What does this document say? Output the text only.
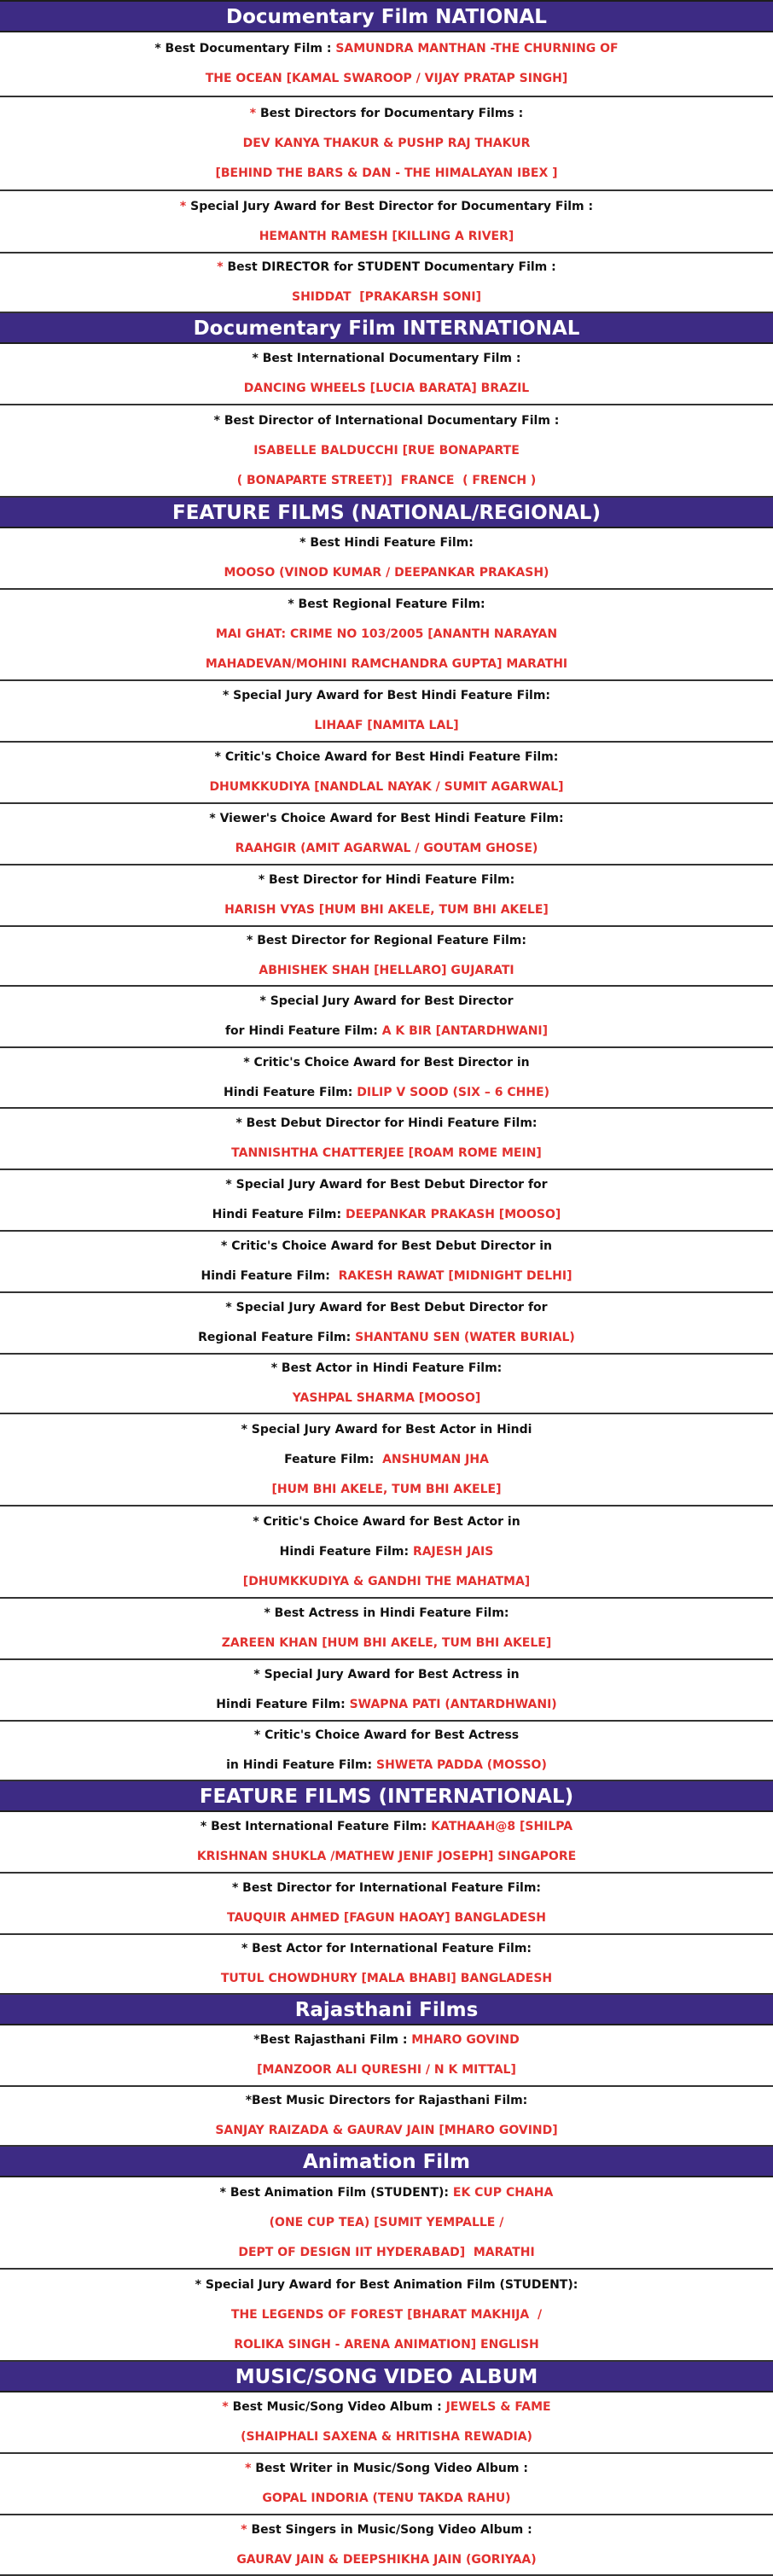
Documentary Film NATIONAL
* Best Documentary Film : SAMUNDRA MANTHAN -THE CHURNING OF
THE OCEAN [KAMAL SWAROOP / VIJAY PRATAP SINGH]
* Best Directors for Documentary Films :
DEV KANYA THAKUR & PUSHP RAJ THAKUR
[BEHIND THE BARS & DAN - THE HIMALAYAN IBEX ]
* Special Jury Award for Best Director for Documentary Film :
HEMANTH RAMESH [KILLING A RIVER]
* Best DIRECTOR for STUDENT Documentary Film :
SHIDDAT  [PRAKARSH SONI]
Documentary Film INTERNATIONAL
* Best International Documentary Film :
DANCING WHEELS [LUCIA BARATA] BRAZIL
* Best Director of International Documentary Film :
ISABELLE BALDUCCHI [RUE BONAPARTE
( BONAPARTE STREET)]  FRANCE  ( FRENCH )
FEATURE FILMS (NATIONAL/REGIONAL)
* Best Hindi Feature Film:
MOOSO (VINOD KUMAR / DEEPANKAR PRAKASH)
* Best Regional Feature Film:
MAI GHAT: CRIME NO 103/2005 [ANANTH NARAYAN
MAHADEVAN/MOHINI RAMCHANDRA GUPTA] MARATHI
* Special Jury Award for Best Hindi Feature Film:
LIHAAF [NAMITA LAL]
* Critic's Choice Award for Best Hindi Feature Film:
DHUMKKUDIYA [NANDLAL NAYAK / SUMIT AGARWAL]
* Viewer's Choice Award for Best Hindi Feature Film:
RAAHGIR (AMIT AGARWAL / GOUTAM GHOSE)
* Best Director for Hindi Feature Film:
HARISH VYAS [HUM BHI AKELE, TUM BHI AKELE]
* Best Director for Regional Feature Film:
ABHISHEK SHAH [HELLARO] GUJARATI
* Special Jury Award for Best Director
for Hindi Feature Film: A K BIR [ANTARDHWANI]
* Critic's Choice Award for Best Director in
Hindi Feature Film: DILIP V SOOD (SIX – 6 CHHE)
* Best Debut Director for Hindi Feature Film:
TANNISHTHA CHATTERJEE [ROAM ROME MEIN]
* Special Jury Award for Best Debut Director for
Hindi Feature Film: DEEPANKAR PRAKASH [MOOSO]
* Critic's Choice Award for Best Debut Director in
Hindi Feature Film:  RAKESH RAWAT [MIDNIGHT DELHI]
* Special Jury Award for Best Debut Director for
Regional Feature Film: SHANTANU SEN (WATER BURIAL)
* Best Actor in Hindi Feature Film:
YASHPAL SHARMA [MOOSO]
* Special Jury Award for Best Actor in Hindi
Feature Film:  ANSHUMAN JHA
[HUM BHI AKELE, TUM BHI AKELE]
* Critic's Choice Award for Best Actor in
Hindi Feature Film: RAJESH JAIS
[DHUMKKUDIYA & GANDHI THE MAHATMA]
* Best Actress in Hindi Feature Film:
ZAREEN KHAN [HUM BHI AKELE, TUM BHI AKELE]
* Special Jury Award for Best Actress in
Hindi Feature Film: SWAPNA PATI (ANTARDHWANI)
* Critic's Choice Award for Best Actress
in Hindi Feature Film: SHWETA PADDA (MOSSO)
FEATURE FILMS (INTERNATIONAL)
* Best International Feature Film: KATHAAH@8 [SHILPA
KRISHNAN SHUKLA /MATHEW JENIF JOSEPH] SINGAPORE
* Best Director for International Feature Film:
TAUQUIR AHMED [FAGUN HAOAY] BANGLADESH
* Best Actor for International Feature Film:
TUTUL CHOWDHURY [MALA BHABI] BANGLADESH
Rajasthani Films
*Best Rajasthani Film : MHARO GOVIND
[MANZOOR ALI QURESHI / N K MITTAL]
*Best Music Directors for Rajasthani Film:
SANJAY RAIZADA & GAURAV JAIN [MHARO GOVIND]
Animation Film
* Best Animation Film (STUDENT): EK CUP CHAHA
(ONE CUP TEA) [SUMIT YEMPALLE /
DEPT OF DESIGN IIT HYDERABAD]  MARATHI
* Special Jury Award for Best Animation Film (STUDENT):
THE LEGENDS OF FOREST [BHARAT MAKHIJA  /
ROLIKA SINGH - ARENA ANIMATION] ENGLISH
MUSIC/SONG VIDEO ALBUM
* Best Music/Song Video Album : JEWELS & FAME
(SHAIPHALI SAXENA & HRITISHA REWADIA)
* Best Writer in Music/Song Video Album :
GOPAL INDORIA (TENU TAKDA RAHU)
* Best Singers in Music/Song Video Album :
GAURAV JAIN & DEEPSHIKHA JAIN (GORIYAA)
